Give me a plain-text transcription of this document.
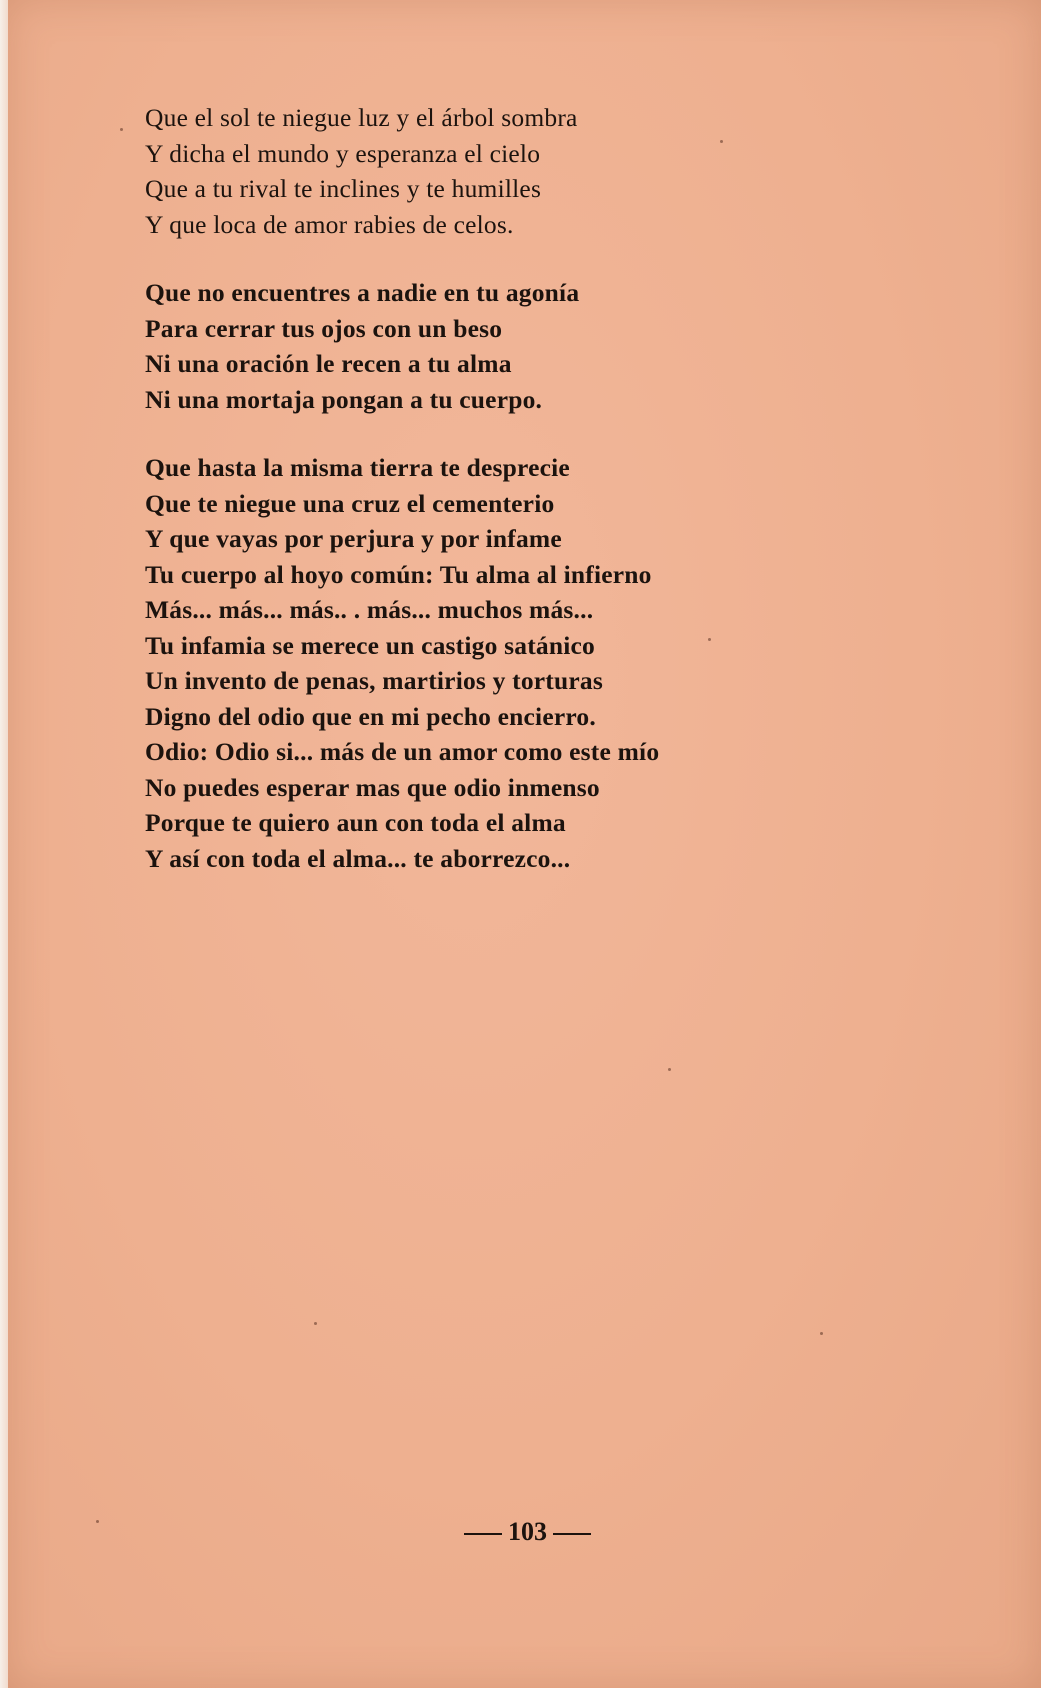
Que el sol te niegue luz y el árbol sombra
Y dicha el mundo y esperanza el cielo
Que a tu rival te inclines y te humilles
Y que loca de amor rabies de celos.
Que no encuentres a nadie en tu agonía
Para cerrar tus ojos con un beso
Ni una oración le recen a tu alma
Ni una mortaja pongan a tu cuerpo.
Que hasta la misma tierra te desprecie
Que te niegue una cruz el cementerio
Y que vayas por perjura y por infame
Tu cuerpo al hoyo común: Tu alma al infierno
Más... más... más.. . más... muchos más...
Tu infamia se merece un castigo satánico
Un invento de penas, martirios y torturas
Digno del odio que en mi pecho encierro.
Odio: Odio si... más de un amor como este mío
No puedes esperar mas que odio inmenso
Porque te quiero aun con toda el alma
Y así con toda el alma... te aborrezco...
103
